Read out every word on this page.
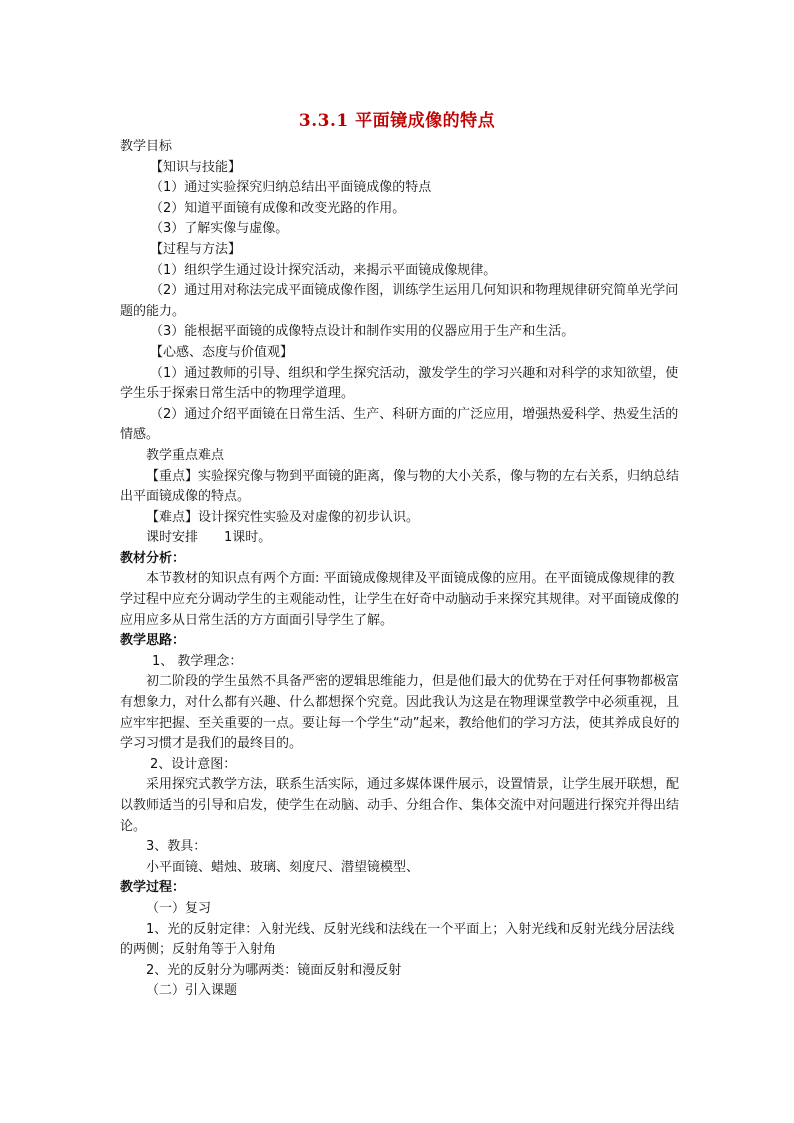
3.3.1 平面镜成像的特点
教学目标
【知识与技能】
（1）通过实验探究归纳总结出平面镜成像的特点
（2）知道平面镜有成像和改变光路的作用。
（3）了解实像与虚像。
【过程与方法】
（1）组织学生通过设计探究活动，来揭示平面镜成像规律。
（2）通过用对称法完成平面镜成像作图，训练学生运用几何知识和物理规律研究简单光学问题的能力。
（3）能根据平面镜的成像特点设计和制作实用的仪器应用于生产和生活。
【心感、态度与价值观】
（1）通过教师的引导、组织和学生探究活动，激发学生的学习兴趣和对科学的求知欲望，使学生乐于探索日常生活中的物理学道理。
（2）通过介绍平面镜在日常生活、生产、科研方面的广泛应用，增强热爱科学、热爱生活的情感。
教学重点难点
【重点】实验探究像与物到平面镜的距离，像与物的大小关系，像与物的左右关系，归纳总结出平面镜成像的特点。
【难点】设计探究性实验及对虚像的初步认识。
课时安排　　1课时。
教材分析：
本节教材的知识点有两个方面: 平面镜成像规律及平面镜成像的应用。在平面镜成像规律的教学过程中应充分调动学生的主观能动性，让学生在好奇中动脑动手来探究其规律。对平面镜成像的应用应多从日常生活的方方面面引导学生了解。
教学思路：
1、 教学理念：
初二阶段的学生虽然不具备严密的逻辑思维能力，但是他们最大的优势在于对任何事物都极富有想象力，对什么都有兴趣、什么都想探个究竟。因此我认为这是在物理课堂教学中必须重视，且应牢牢把握、至关重要的一点。要让每一个学生“动”起来，教给他们的学习方法，使其养成良好的学习习惯才是我们的最终目的。
2、设计意图：
采用探究式教学方法，联系生活实际，通过多媒体课件展示，设置情景，让学生展开联想，配以教师适当的引导和启发，使学生在动脑、动手、分组合作、集体交流中对问题进行探究并得出结论。
3、教具：
小平面镜、蜡烛、玻璃、刻度尺、潜望镜模型、
教学过程：
（一）复习
1、光的反射定律：入射光线、反射光线和法线在一个平面上；入射光线和反射光线分居法线的两侧；反射角等于入射角
2、光的反射分为哪两类：镜面反射和漫反射
（二）引入课题
